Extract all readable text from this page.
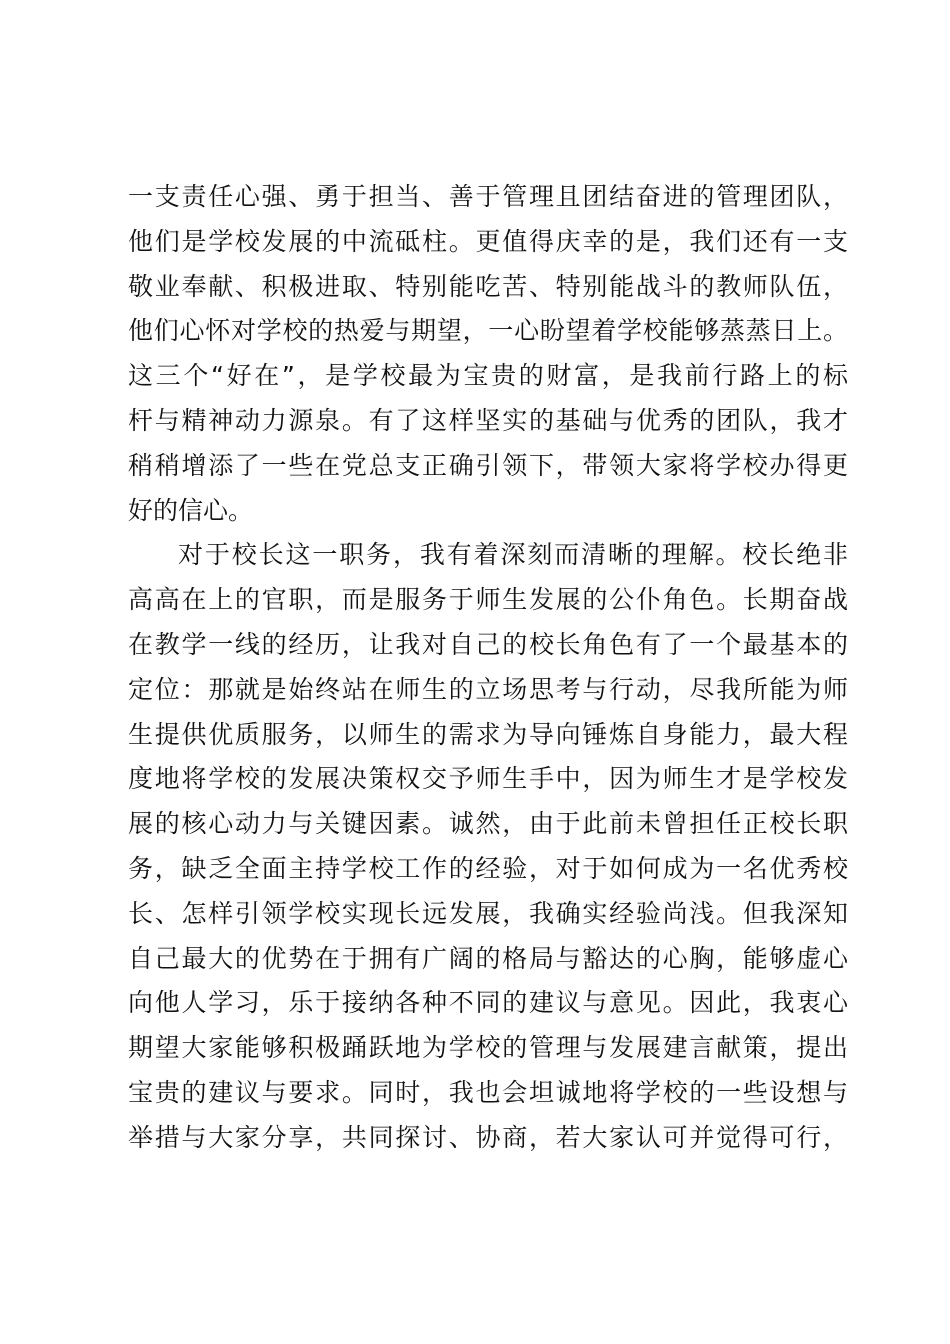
一支责任心强、勇于担当、善于管理且团结奋进的管理团队，
他们是学校发展的中流砥柱。更值得庆幸的是，我们还有一支
敬业奉献、积极进取、特别能吃苦、特别能战斗的教师队伍，
他们心怀对学校的热爱与期望，一心盼望着学校能够蒸蒸日上。
这三个“好在”，是学校最为宝贵的财富，是我前行路上的标
杆与精神动力源泉。有了这样坚实的基础与优秀的团队，我才
稍稍增添了一些在党总支正确引领下，带领大家将学校办得更
好的信心。
对于校长这一职务，我有着深刻而清晰的理解。校长绝非
高高在上的官职，而是服务于师生发展的公仆角色。长期奋战
在教学一线的经历，让我对自己的校长角色有了一个最基本的
定位：那就是始终站在师生的立场思考与行动，尽我所能为师
生提供优质服务，以师生的需求为导向锤炼自身能力，最大程
度地将学校的发展决策权交予师生手中，因为师生才是学校发
展的核心动力与关键因素。诚然，由于此前未曾担任正校长职
务，缺乏全面主持学校工作的经验，对于如何成为一名优秀校
长、怎样引领学校实现长远发展，我确实经验尚浅。但我深知
自己最大的优势在于拥有广阔的格局与豁达的心胸，能够虚心
向他人学习，乐于接纳各种不同的建议与意见。因此，我衷心
期望大家能够积极踊跃地为学校的管理与发展建言献策，提出
宝贵的建议与要求。同时，我也会坦诚地将学校的一些设想与
举措与大家分享，共同探讨、协商，若大家认可并觉得可行，
